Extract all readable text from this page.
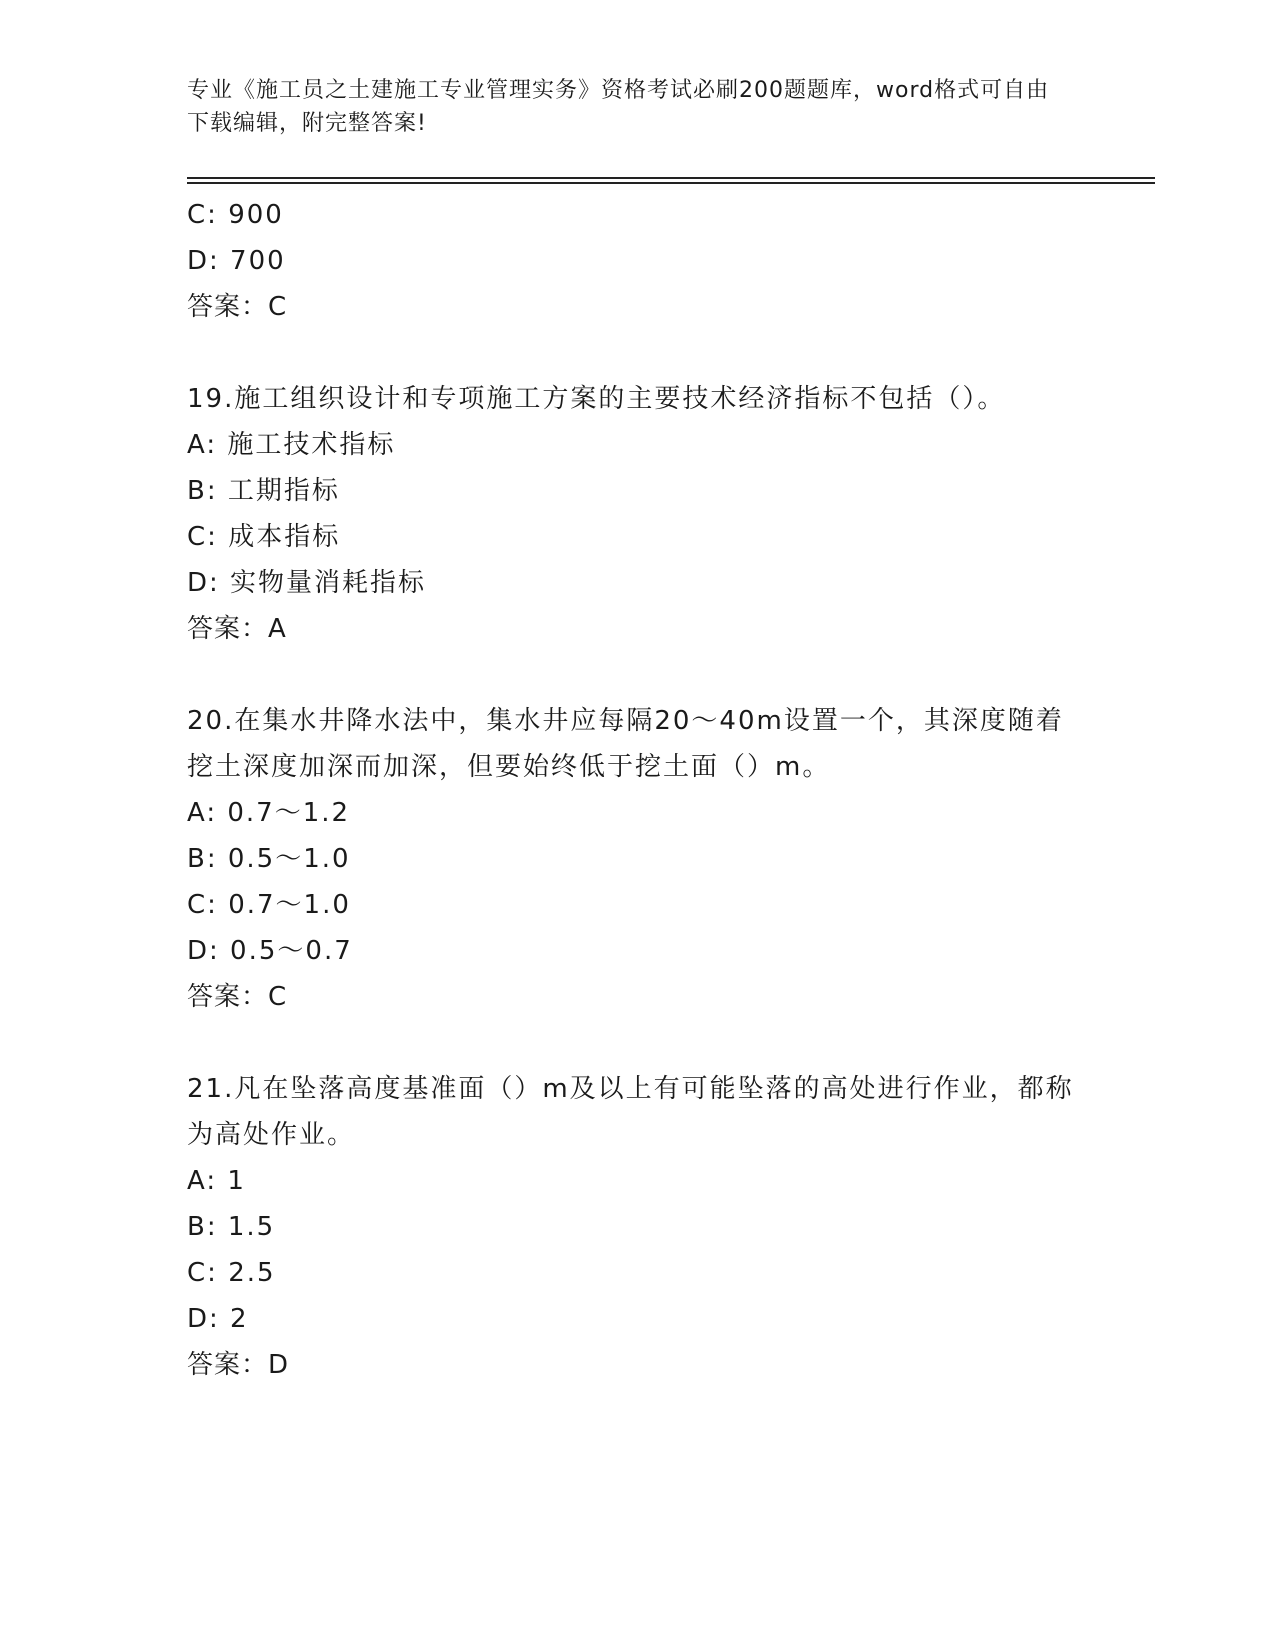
专业《施工员之土建施工专业管理实务》资格考试必刷200题题库，word格式可自由下载编辑，附完整答案!
C: 900
D: 700
答案：C
19.施工组织设计和专项施工方案的主要技术经济指标不包括（）。
A: 施工技术指标
B: 工期指标
C: 成本指标
D: 实物量消耗指标
答案：A
20.在集水井降水法中，集水井应每隔20～40m设置一个，其深度随着挖土深度加深而加深，但要始终低于挖土面（）m。
A: 0.7～1.2
B: 0.5～1.0
C: 0.7～1.0
D: 0.5～0.7
答案：C
21.凡在坠落高度基准面（）m及以上有可能坠落的高处进行作业，都称为高处作业。
A: 1
B: 1.5
C: 2.5
D: 2
答案：D
